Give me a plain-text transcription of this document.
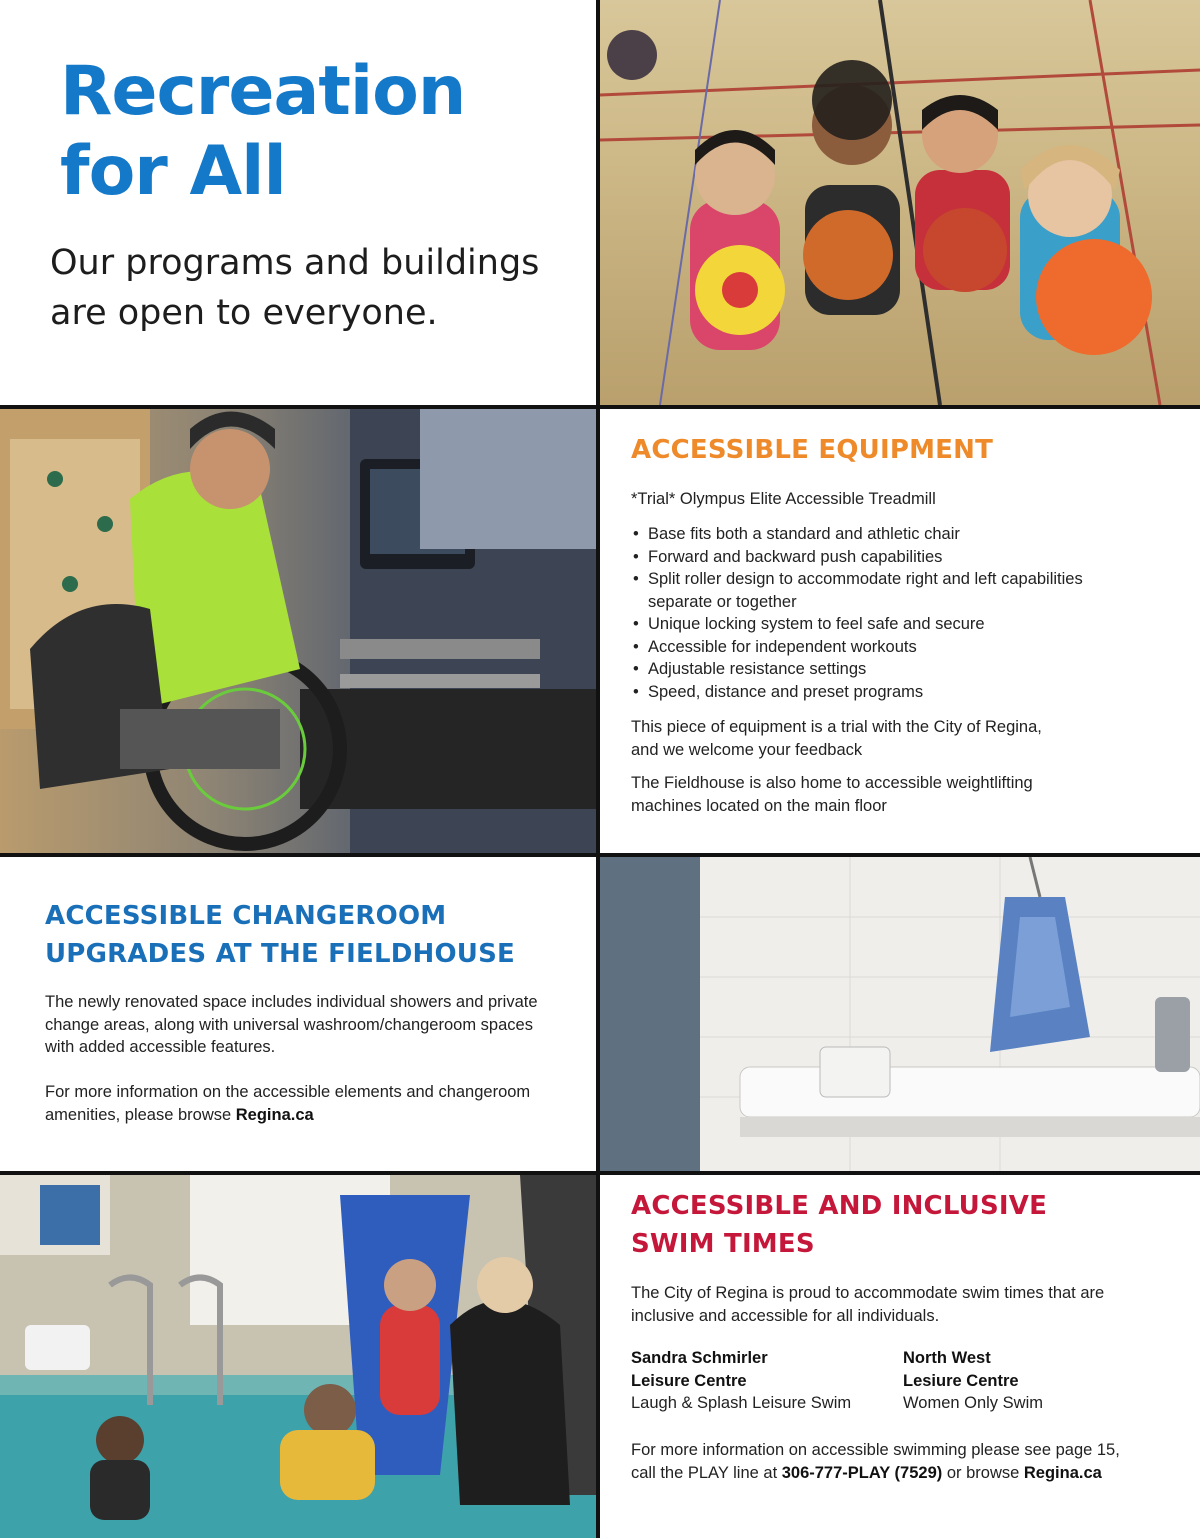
Recreation
for All

Our programs and buildings
are open to everyone.

ACCESSIBLE EQUIPMENT

*Trial* Olympus Elite Accessible Treadmill

• Base fits both a standard and athletic chair
• Forward and backward push capabilities
• Split roller design to accommodate right and left capabilities
separate or together
• Unique locking system to feel safe and secure
• Accessible for independent workouts
• Adjustable resistance settings
• Speed, distance and preset programs

This piece of equipment is a trial with the City of Regina,
and we welcome your feedback

The Fieldhouse is also home to accessible weightlifting
machines located on the main floor

ACCESSIBLE CHANGEROOM
UPGRADES AT THE FIELDHOUSE

The newly renovated space includes individual showers and private
change areas, along with universal washroom/changeroom spaces
with added accessible features.

For more information on the accessible elements and changeroom
amenities, please browse Regina.ca

ACCESSIBLE AND INCLUSIVE
SWIM TIMES

The City of Regina is proud to accommodate swim times that are
inclusive and accessible for all individuals.

Sandra Schmirler
Leisure Centre
Laugh & Splash Leisure Swim

North West
Lesiure Centre
Women Only Swim

For more information on accessible swimming please see page 15,
call the PLAY line at 306-777-PLAY (7529) or browse Regina.ca
